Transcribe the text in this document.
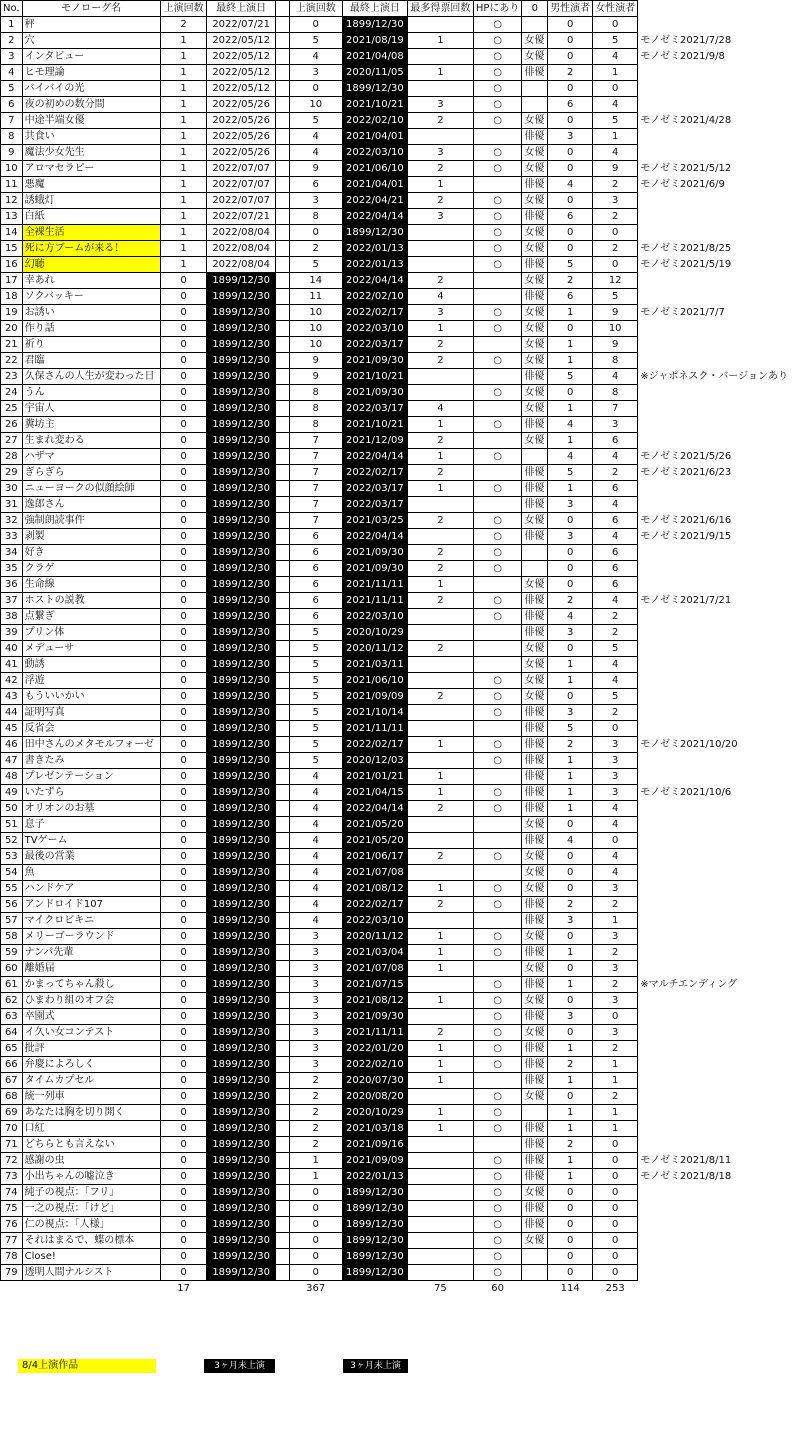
No.	モノローグ名	上演回数	最終上演日		上演回数	最終上演日	最多得票回数	HPにあり	0	男性演者	女性演者	
1	秤	2	2022/07/21		0	1899/12/30		○		0	0	
2	穴	1	2022/05/12		5	2021/08/19	1	○	女優	0	5	モノゼミ2021/7/28
3	インタビュー	1	2022/05/12		4	2021/04/08		○	女優	0	4	モノゼミ2021/9/8
4	ヒモ理論	1	2022/05/12		3	2020/11/05	1	○	俳優	2	1	
5	バイバイの光	1	2022/05/12		0	1899/12/30		○		0	0	
6	夜の初めの数分間	1	2022/05/26		10	2021/10/21	3	○		6	4	
7	中途半端女優	1	2022/05/26		5	2022/02/10	2	○	女優	0	5	モノゼミ2021/4/28
8	共食い	1	2022/05/26		4	2021/04/01			俳優	3	1	
9	魔法少女先生	1	2022/05/26		4	2022/03/10	3	○	女優	0	4	
10	アロマセラピー	1	2022/07/07		9	2021/06/10	2	○	女優	0	9	モノゼミ2021/5/12
11	悪魔	1	2022/07/07		6	2021/04/01	1		俳優	4	2	モノゼミ2021/6/9
12	誘蛾灯	1	2022/07/07		3	2022/04/21	2	○	女優	0	3	
13	白紙	1	2022/07/21		8	2022/04/14	3	○	俳優	6	2	
14	全裸生活	1	2022/08/04		0	1899/12/30		○	女優	0	0	
15	死に方ブームが来る！	1	2022/08/04		2	2022/01/13		○	女優	0	2	モノゼミ2021/8/25
16	幻聴	1	2022/08/04		5	2022/01/13		○	俳優	5	0	モノゼミ2021/5/19
17	幸あれ	0	1899/12/30		14	2022/04/14	2		女優	2	12	
18	ソクバッキー	0	1899/12/30		11	2022/02/10	4		俳優	6	5	
19	お誘い	0	1899/12/30		10	2022/02/17	3	○	女優	1	9	モノゼミ2021/7/7
20	作り話	0	1899/12/30		10	2022/03/10	1	○	女優	0	10	
21	祈り	0	1899/12/30		10	2022/03/17	2		女優	1	9	
22	君臨	0	1899/12/30		9	2021/09/30	2	○	女優	1	8	
23	久保さんの人生が変わった日	0	1899/12/30		9	2021/10/21			俳優	5	4	※ジャポネスク・バージョンあり
24	うん	0	1899/12/30		8	2021/09/30		○	女優	0	8	
25	宇宙人	0	1899/12/30		8	2022/03/17	4		女優	1	7	
26	糞坊主	0	1899/12/30		8	2021/10/21	1	○	俳優	4	3	
27	生まれ変わる	0	1899/12/30		7	2021/12/09	2		女優	1	6	
28	ハザマ	0	1899/12/30		7	2022/04/14	1	○		4	4	モノゼミ2021/5/26
29	ぎらぎら	0	1899/12/30		7	2022/02/17	2		俳優	5	2	モノゼミ2021/6/23
30	ニューヨークの似顔絵師	0	1899/12/30		7	2022/03/17	1	○	俳優	1	6	
31	逸郎さん	0	1899/12/30		7	2022/03/17			俳優	3	4	
32	強制朗読事件	0	1899/12/30		7	2021/03/25	2	○	女優	0	6	モノゼミ2021/6/16
33	剥製	0	1899/12/30		6	2022/04/14		○	俳優	3	4	モノゼミ2021/9/15
34	好き	0	1899/12/30		6	2021/09/30	2	○		0	6	
35	クラゲ	0	1899/12/30		6	2021/09/30	2	○		0	6	
36	生命線	0	1899/12/30		6	2021/11/11	1		女優	0	6	
37	ホストの説教	0	1899/12/30		6	2021/11/11	2	○	俳優	2	4	モノゼミ2021/7/21
38	点繋ぎ	0	1899/12/30		6	2022/03/10		○	俳優	4	2	
39	プリン体	0	1899/12/30		5	2020/10/29			俳優	3	2	
40	メデューサ	0	1899/12/30		5	2020/11/12	2		女優	0	5	
41	動誘	0	1899/12/30		5	2021/03/11			女優	1	4	
42	浮遊	0	1899/12/30		5	2021/06/10		○	女優	1	4	
43	もういいかい	0	1899/12/30		5	2021/09/09	2	○	女優	0	5	
44	証明写真	0	1899/12/30		5	2021/10/14		○	俳優	3	2	
45	反省会	0	1899/12/30		5	2021/11/11			俳優	5	0	
46	田中さんのメタモルフォーゼ	0	1899/12/30		5	2022/02/17	1	○	俳優	2	3	モノゼミ2021/10/20
47	書きたみ	0	1899/12/30		5	2020/12/03		○	俳優	1	3	
48	プレゼンテーション	0	1899/12/30		4	2021/01/21	1		俳優	1	3	
49	いたずら	0	1899/12/30		4	2021/04/15	1	○	俳優	1	3	モノゼミ2021/10/6
50	オリオンのお墓	0	1899/12/30		4	2022/04/14	2	○	俳優	1	4	
51	息子	0	1899/12/30		4	2021/05/20			女優	0	4	
52	TVゲーム	0	1899/12/30		4	2021/05/20			俳優	4	0	
53	最後の営業	0	1899/12/30		4	2021/06/17	2	○	女優	0	4	
54	魚	0	1899/12/30		4	2021/07/08			女優	0	4	
55	ハンドケア	0	1899/12/30		4	2021/08/12	1	○	女優	0	3	
56	アンドロイド107	0	1899/12/30		4	2022/02/17	2	○	俳優	2	2	
57	マイクロビキニ	0	1899/12/30		4	2022/03/10			俳優	3	1	
58	メリーゴーラウンド	0	1899/12/30		3	2020/11/12	1	○	女優	0	3	
59	ナンパ先輩	0	1899/12/30		3	2021/03/04	1	○	俳優	1	2	
60	離婚届	0	1899/12/30		3	2021/07/08	1		女優	0	3	
61	かまってちゃん殺し	0	1899/12/30		3	2021/07/15		○	俳優	1	2	※マルチエンディング
62	ひまわり組のオフ会	0	1899/12/30		3	2021/08/12	1	○	女優	0	3	
63	卒園式	0	1899/12/30		3	2021/09/30		○	俳優	3	0	
64	イ久い女コンテスト	0	1899/12/30		3	2021/11/11	2	○	女優	0	3	
65	批評	0	1899/12/30		3	2022/01/20	1	○	俳優	1	2	
66	弁慶によろしく	0	1899/12/30		3	2022/02/10	1	○	俳優	2	1	
67	タイムカプセル	0	1899/12/30		2	2020/07/30	1		俳優	1	1	
68	統一列車	0	1899/12/30		2	2020/08/20		○	女優	0	2	
69	あなたは胸を切り開く	0	1899/12/30		2	2020/10/29	1	○		1	1	
70	口紅	0	1899/12/30		2	2021/03/18	1	○	俳優	1	1	
71	どちらとも言えない	0	1899/12/30		2	2021/09/16			俳優	2	0	
72	感謝の虫	0	1899/12/30		1	2021/09/09		○	俳優	1	0	モノゼミ2021/8/11
73	小出ちゃんの嘘泣き	0	1899/12/30		1	2022/01/13		○	俳優	1	0	モノゼミ2021/8/18
74	純子の視点：「フリ」	0	1899/12/30		0	1899/12/30		○	女優	0	0	
75	一之の視点：「けど」	0	1899/12/30		0	1899/12/30		○	俳優	0	0	
76	仁の視点：「人様」	0	1899/12/30		0	1899/12/30		○	俳優	0	0	
77	それはまるで、蝶の標本	0	1899/12/30		0	1899/12/30		○	女優	0	0	
78	Close!	0	1899/12/30		0	1899/12/30		○		0	0	
79	透明人間ナルシスト	0	1899/12/30		0	1899/12/30		○		0	0	
		17			367		75	60		114	253	
8/4上演作品	3ヶ月未上演	3ヶ月未上演
